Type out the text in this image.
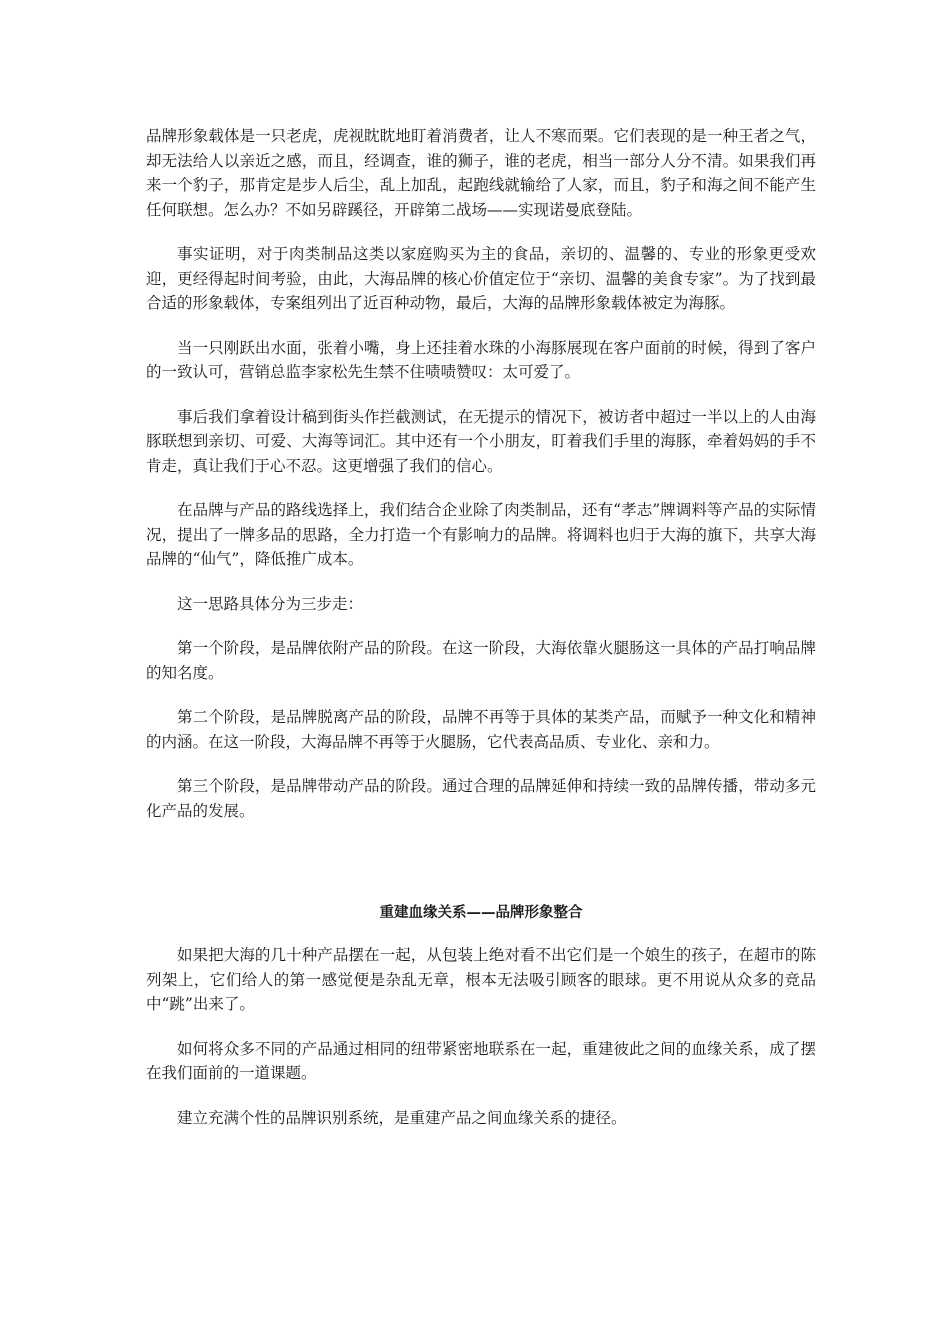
品牌形象载体是一只老虎，虎视眈眈地盯着消费者，让人不寒而栗。它们表现的是一种王者之气，却无法给人以亲近之感，而且，经调查，谁的狮子，谁的老虎，相当一部分人分不清。如果我们再来一个豹子，那肯定是步人后尘，乱上加乱，起跑线就输给了人家，而且，豹子和海之间不能产生任何联想。怎么办？不如另辟蹊径，开辟第二战场——实现诺曼底登陆。

事实证明，对于肉类制品这类以家庭购买为主的食品，亲切的、温馨的、专业的形象更受欢迎，更经得起时间考验，由此，大海品牌的核心价值定位于“亲切、温馨的美食专家”。为了找到最合适的形象载体，专案组列出了近百种动物，最后，大海的品牌形象载体被定为海豚。

当一只刚跃出水面，张着小嘴，身上还挂着水珠的小海豚展现在客户面前的时候，得到了客户的一致认可，营销总监李家松先生禁不住啧啧赞叹：太可爱了。

事后我们拿着设计稿到街头作拦截测试，在无提示的情况下，被访者中超过一半以上的人由海豚联想到亲切、可爱、大海等词汇。其中还有一个小朋友，盯着我们手里的海豚，牵着妈妈的手不肯走，真让我们于心不忍。这更增强了我们的信心。

在品牌与产品的路线选择上，我们结合企业除了肉类制品，还有“孝志”牌调料等产品的实际情况，提出了一牌多品的思路，全力打造一个有影响力的品牌。将调料也归于大海的旗下，共享大海品牌的“仙气”，降低推广成本。

这一思路具体分为三步走：

第一个阶段，是品牌依附产品的阶段。在这一阶段，大海依靠火腿肠这一具体的产品打响品牌的知名度。

第二个阶段，是品牌脱离产品的阶段，品牌不再等于具体的某类产品，而赋予一种文化和精神的内涵。在这一阶段，大海品牌不再等于火腿肠，它代表高品质、专业化、亲和力。

第三个阶段，是品牌带动产品的阶段。通过合理的品牌延伸和持续一致的品牌传播，带动多元化产品的发展。

重建血缘关系——品牌形象整合

如果把大海的几十种产品摆在一起，从包装上绝对看不出它们是一个娘生的孩子，在超市的陈列架上，它们给人的第一感觉便是杂乱无章，根本无法吸引顾客的眼球。更不用说从众多的竞品中“跳”出来了。

如何将众多不同的产品通过相同的纽带紧密地联系在一起，重建彼此之间的血缘关系，成了摆在我们面前的一道课题。

建立充满个性的品牌识别系统，是重建产品之间血缘关系的捷径。
